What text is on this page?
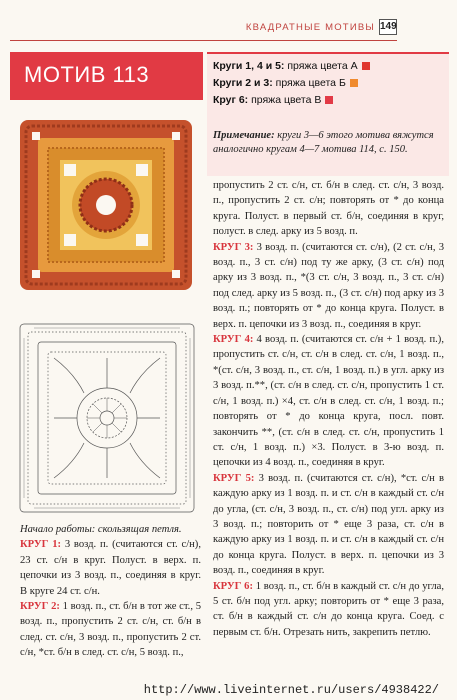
КВАДРАТНЫЕ МОТИВЫ 149
МОТИВ 113	Круги 1, 4 и 5: пряжа цвета А
Круги 2 и 3: пряжа цвета Б
Круг 6: пряжа цвета В
Примечание: круги 3—6 этого мотива вяжутся аналогично кругам 4—7 мотива 114, с. 150.
Начало работы: скользящая петля.
КРУГ 1: 3 возд. п. (считаются ст. с/н), 23 ст. с/н в круг. Полуст. в верх. п. цепочки из 3 возд. п., соединяя в круг. В круге 24 ст. с/н.
КРУГ 2: 1 возд. п., ст. б/н в тот же ст., 5 возд. п., пропустить 2 ст. с/н, ст. б/н в след. ст. с/н, 3 возд. п., пропустить 2 ст. с/н, *ст. б/н в след. ст. с/н, 5 возд. п.,
пропустить 2 ст. с/н, ст. б/н в след. ст. с/н, 3 возд. п., пропустить 2 ст. с/н; повторять от * до конца круга. Полуст. в первый ст. б/н, соединяя в круг, полуст. в след. арку из 5 возд. п.
КРУГ 3: 3 возд. п. (считаются ст. с/н), (2 ст. с/н, 3 возд. п., 3 ст. с/н) под ту же арку, (3 ст. с/н) под арку из 3 возд. п., *(3 ст. с/н, 3 возд. п., 3 ст. с/н) под след. арку из 5 возд. п., (3 ст. с/н) под арку из 3 возд. п.; повторять от * до конца круга. Полуст. в верх. п. цепочки из 3 возд. п., соединяя в круг.
КРУГ 4: 4 возд. п. (считаются ст. с/н + 1 возд. п.), пропустить ст. с/н, ст. с/н в след. ст. с/н, 1 возд. п., *(ст. с/н, 3 возд. п., ст. с/н, 1 возд. п.) в угл. арку из 3 возд. п.**, (ст. с/н в след. ст. с/н, пропустить 1 ст. с/н, 1 возд. п.) ×4, ст. с/н в след. ст. с/н, 1 возд. п.; повторять от * до конца круга, посл. повт. закончить **, (ст. с/н в след. ст. с/н, пропустить 1 ст. с/н, 1 возд. п.) ×3. Полуст. в 3-ю возд. п. цепочки из 4 возд. п., соединяя в круг.
КРУГ 5: 3 возд. п. (считаются ст. с/н), *ст. с/н в каждую арку из 1 возд. п. и ст. с/н в каждый ст. с/н до угла, (ст. с/н, 3 возд. п., ст. с/н) под угл. арку из 3 возд. п.; повторить от * еще 3 раза, ст. с/н в каждую арку из 1 возд. п. и ст. с/н в каждый ст. с/н до конца круга. Полуст. в верх. п. цепочки из 3 возд. п., соединяя в круг.
КРУГ 6: 1 возд. п., ст. б/н в каждый ст. с/н до угла, 5 ст. б/н под угл. арку; повторить от * еще 3 раза, ст. б/н в каждый ст. с/н до конца круга. Соед. с первым ст. б/н. Отрезать нить, закрепить петлю.
http://www.liveinternet.ru/users/4938422/
